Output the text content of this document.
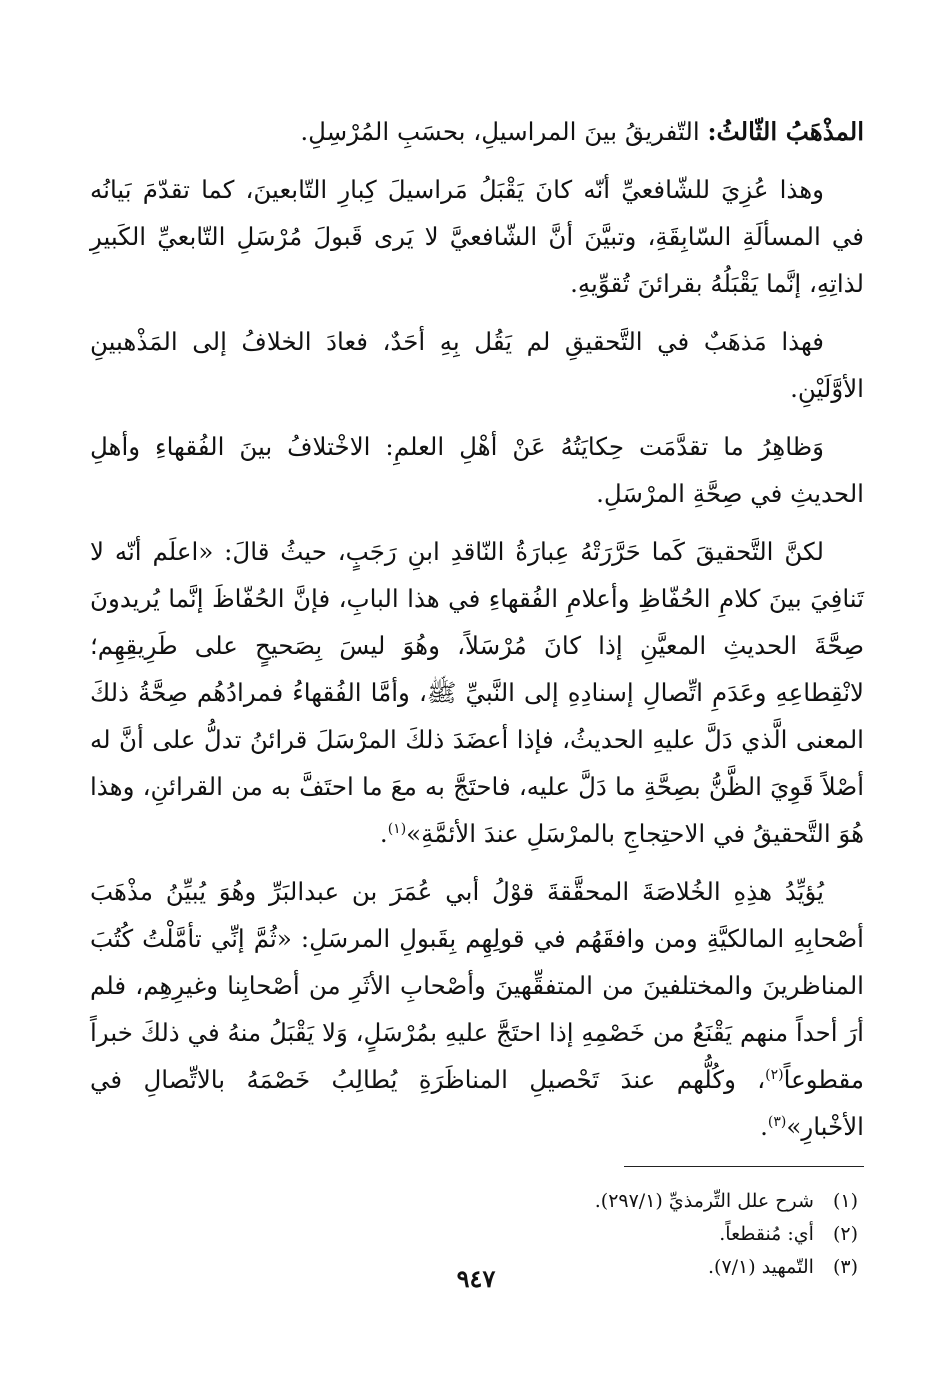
المذْهَبُ الثّالثُ: التّفريقُ بينَ المراسيلِ، بحسَبِ المُرْسِلِ.

وهذا عُزِيَ للشّافعيِّ أنّه كانَ يَقْبَلُ مَراسيلَ كِبارِ التّابعينَ، كما تقدّمَ بَيانُه في المسألَةِ السّابِقَةِ، وتبيَّنَ أنَّ الشّافعيَّ لا يَرى قَبولَ مُرْسَلِ التّابعيِّ الكَبيرِ لذاتِهِ، إنَّما يَقْبَلُهُ بقرائنَ تُقوِّيهِ.

فهذا مَذهَبٌ في التَّحقيقِ لم يَقُل بِهِ أحَدٌ، فعادَ الخلافُ إلى المَذْهبينِ الأوَّلَيْنِ.

وَظاهِرُ ما تقدَّمَت حِكايَتُهُ عَنْ أهْلِ العلمِ: الاخْتلافُ بينَ الفُقهاءِ وأهلِ الحديثِ في صِحَّةِ المرْسَلِ.

لكنَّ التَّحقيقَ كَما حَرَّرَتْهُ عِبارَةُ النّاقدِ ابنِ رَجَبٍ، حيثُ قالَ: «اعلَم أنّه لا تَنافِيَ بينَ كلامِ الحُفّاظِ وأعلامِ الفُقهاءِ في هذا البابِ، فإنَّ الحُفّاظَ إنَّما يُريدونَ صِحَّةَ الحديثِ المعيَّنِ إذا كانَ مُرْسَلاً، وهُوَ ليسَ بِصَحيحٍ على طَرِيقِهِم؛ لانْقِطاعِهِ وعَدَمِ اتِّصالِ إسنادِهِ إلى النَّبيِّ ﷺ، وأمَّا الفُقهاءُ فمرادُهُم صِحَّةُ ذلكَ المعنى الَّذي دَلَّ عليهِ الحديثُ، فإذا أعضَدَ ذلكَ المرْسَلَ قرائنُ تدلُّ على أنَّ له أصْلاً قَوِيَ الظَّنُّ بصِحَّةِ ما دَلَّ عليه، فاحتَجَّ به معَ ما احتَفَّ به من القرائنِ، وهذا هُوَ التَّحقيقُ في الاحتِجاجِ بالمرْسَلِ عندَ الأئمَّةِ»$^{(١)}$.

يُؤيِّدُ هذِهِ الخُلاصَةَ المحقَّقةَ قوْلُ أبي عُمَرَ بن عبدالبَرِّ وهُوَ يُبيِّنُ مذْهَبَ أصْحابِهِ المالكيَّةِ ومن وافقَهُم في قولِهِم بِقَبولِ المرسَلِ: «ثُمَّ إنِّي تأمَّلْتُ كُتُبَ المناظرينَ والمختلفينَ من المتفقِّهينَ وأصْحابِ الأثَرِ من أصْحابِنا وغيرِهِم، فلم أرَ أحداً منهم يَقْنَعُ من خَصْمِهِ إذا احتَجَّ عليهِ بمُرْسَلٍ، وَلا يَقْبَلُ منهُ في ذلكَ خبراً مقطوعاً$^{(٢)}$، وكُلُّهم عندَ تَحْصيلِ المناظَرَةِ يُطالِبُ خَصْمَهُ بالاتِّصالِ في الأخْبارِ»$^{(٣)}$.

(١) شرح علل التِّرمذيِّ (٢٩٧/١).

(٢) أي: مُنقطعاً.

(٣) التّمهيد (٧/١).

٩٤٧
